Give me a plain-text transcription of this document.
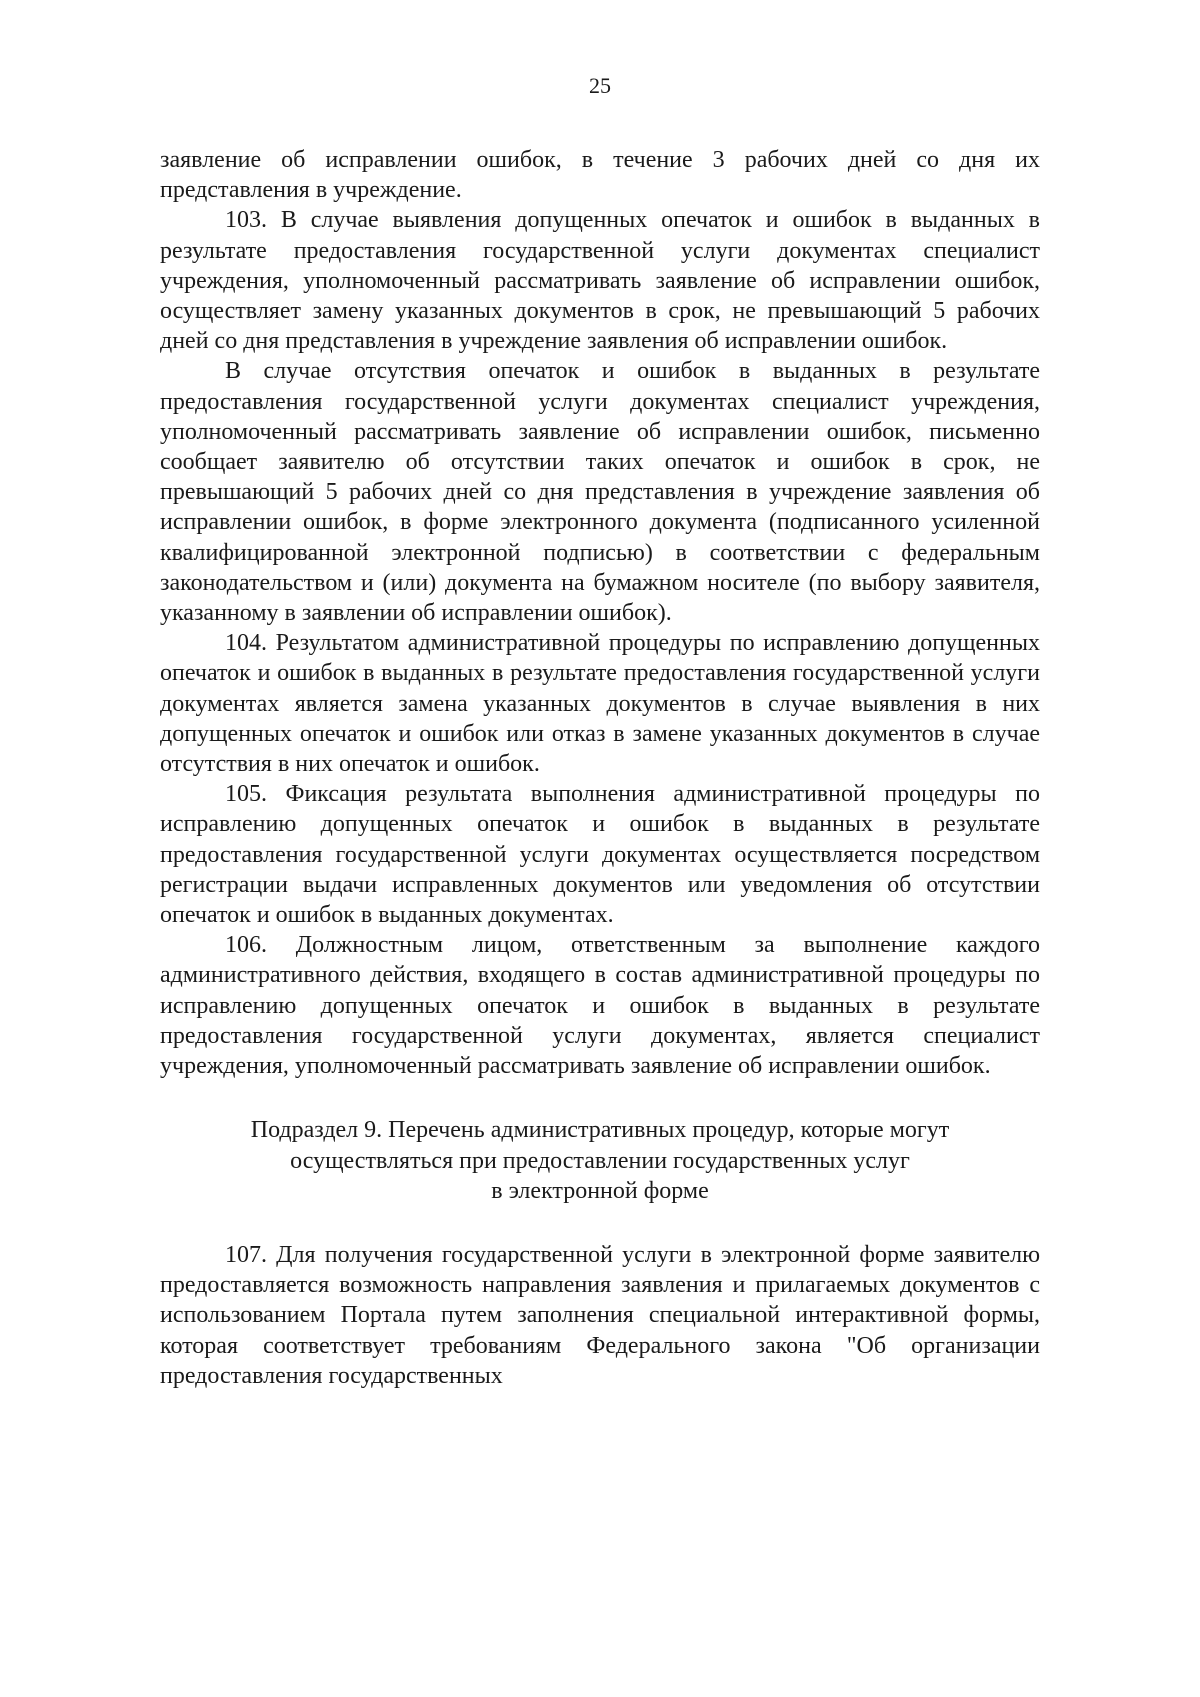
25

заявление об исправлении ошибок, в течение 3 рабочих дней со дня их представления в учреждение.

103. В случае выявления допущенных опечаток и ошибок в выданных в результате предоставления государственной услуги документах специалист учреждения, уполномоченный рассматривать заявление об исправлении ошибок, осуществляет замену указанных документов в срок, не превышающий 5 рабочих дней со дня представления в учреждение заявления об исправлении ошибок.

В случае отсутствия опечаток и ошибок в выданных в результате предоставления государственной услуги документах специалист учреждения, уполномоченный рассматривать заявление об исправлении ошибок, письменно сообщает заявителю об отсутствии таких опечаток и ошибок в срок, не превышающий 5 рабочих дней со дня представления в учреждение заявления об исправлении ошибок, в форме электронного документа (подписанного усиленной квалифицированной электронной подписью) в соответствии с федеральным законодательством и (или) документа на бумажном носителе (по выбору заявителя, указанному в заявлении об исправлении ошибок).

104. Результатом административной процедуры по исправлению допущенных опечаток и ошибок в выданных в результате предоставления государственной услуги документах является замена указанных документов в случае выявления в них допущенных опечаток и ошибок или отказ в замене указанных документов в случае отсутствия в них опечаток и ошибок.

105. Фиксация результата выполнения административной процедуры по исправлению допущенных опечаток и ошибок в выданных в результате предоставления государственной услуги документах осуществляется посредством регистрации выдачи исправленных документов или уведомления об отсутствии опечаток и ошибок в выданных документах.

106. Должностным лицом, ответственным за выполнение каждого административного действия, входящего в состав административной процедуры по исправлению допущенных опечаток и ошибок в выданных в результате предоставления государственной услуги документах, является специалист учреждения, уполномоченный рассматривать заявление об исправлении ошибок.

Подраздел 9. Перечень административных процедур, которые могут
осуществляться при предоставлении государственных услуг
в электронной форме

107. Для получения государственной услуги в электронной форме заявителю предоставляется возможность направления заявления и прилагаемых документов с использованием Портала путем заполнения специальной интерактивной формы, которая соответствует требованиям Федерального закона "Об организации предоставления государственных
